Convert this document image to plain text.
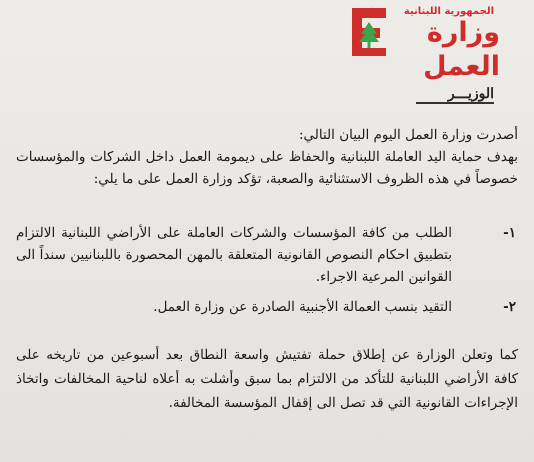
الجمهورية اللبنانية
وزارة العمل
الوزيـــر

أصدرت وزارة العمل اليوم البيان التالي:

بهدف حماية اليد العاملة اللبنانية والحفاظ على ديمومة العمل داخل الشركات والمؤسسات خصوصاً في هذه الظروف الاستثنائية والصعبة، تؤكد وزارة العمل على ما يلي:

١-
الطلب من كافة المؤسسات والشركات العاملة على الأراضي اللبنانية الالتزام بتطبيق احكام النصوص القانونية المتعلقة بالمهن المحصورة باللبنانيين سنداً الى القوانين المرعية الاجراء.

٢-
التقيد بنسب العمالة الأجنبية الصادرة عن وزارة العمل.

كما وتعلن الوزارة عن إطلاق حملة تفتيش واسعة النطاق بعد أسبوعين من تاريخه على كافة الأراضي اللبنانية للتأكد من الالتزام بما سبق وأشلت به أعلاه لناحية المخالفات واتخاذ الإجراءات القانونية التي قد تصل الى إقفال المؤسسة المخالفة.
